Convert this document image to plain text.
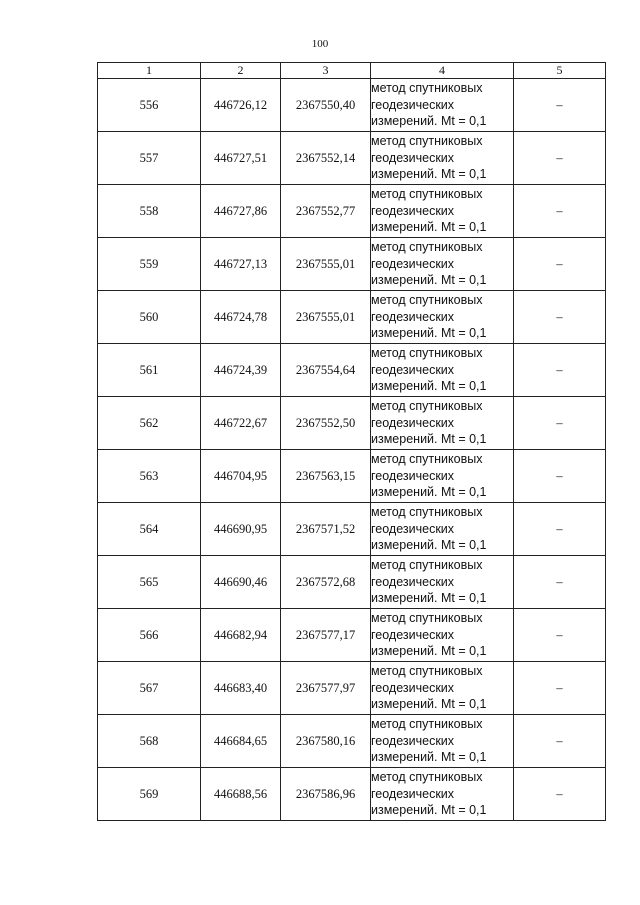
100
1	2	3	4	5
556	446726,12	2367550,40	метод спутниковых
геодезических
измерений. Mt = 0,1	–
557	446727,51	2367552,14	метод спутниковых
геодезических
измерений. Mt = 0,1	–
558	446727,86	2367552,77	метод спутниковых
геодезических
измерений. Mt = 0,1	–
559	446727,13	2367555,01	метод спутниковых
геодезических
измерений. Mt = 0,1	–
560	446724,78	2367555,01	метод спутниковых
геодезических
измерений. Mt = 0,1	–
561	446724,39	2367554,64	метод спутниковых
геодезических
измерений. Mt = 0,1	–
562	446722,67	2367552,50	метод спутниковых
геодезических
измерений. Mt = 0,1	–
563	446704,95	2367563,15	метод спутниковых
геодезических
измерений. Mt = 0,1	–
564	446690,95	2367571,52	метод спутниковых
геодезических
измерений. Mt = 0,1	–
565	446690,46	2367572,68	метод спутниковых
геодезических
измерений. Mt = 0,1	–
566	446682,94	2367577,17	метод спутниковых
геодезических
измерений. Mt = 0,1	–
567	446683,40	2367577,97	метод спутниковых
геодезических
измерений. Mt = 0,1	–
568	446684,65	2367580,16	метод спутниковых
геодезических
измерений. Mt = 0,1	–
569	446688,56	2367586,96	метод спутниковых
геодезических
измерений. Mt = 0,1	–
